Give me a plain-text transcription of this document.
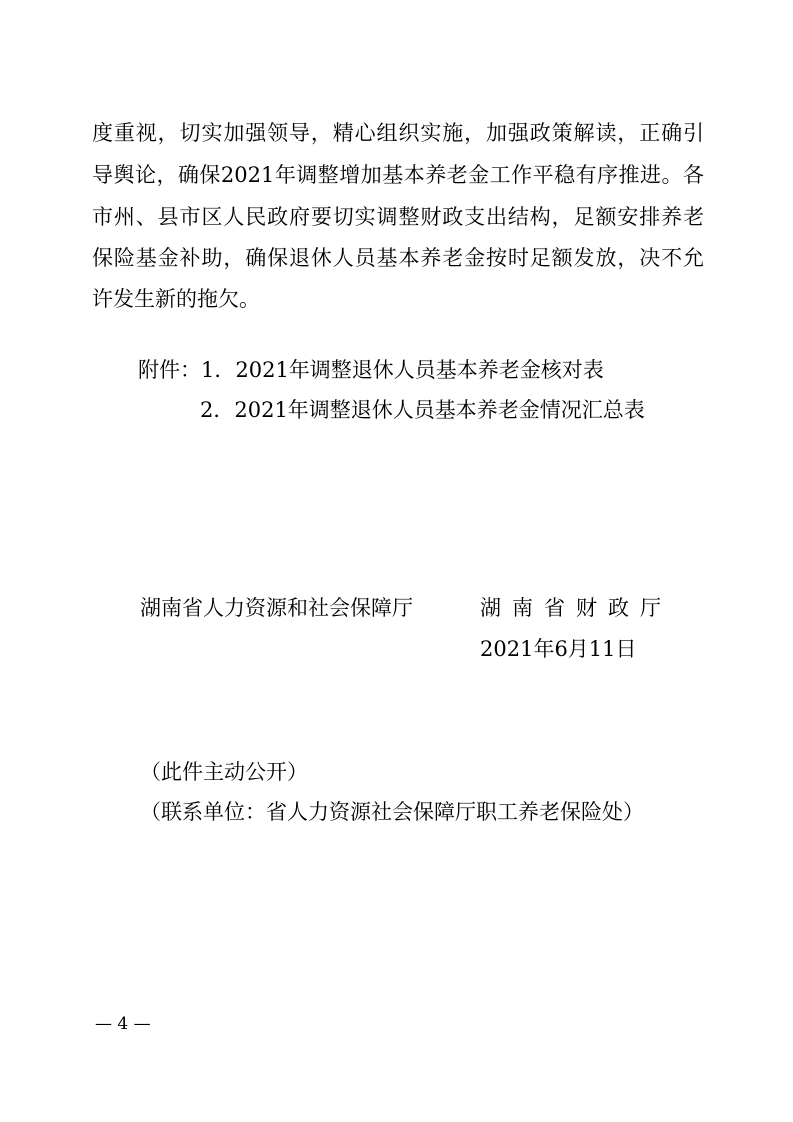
度重视，切实加强领导，精心组织实施，加强政策解读，正确引
导舆论，确保2021年调整增加基本养老金工作平稳有序推进。各
市州、县市区人民政府要切实调整财政支出结构，足额安排养老
保险基金补助，确保退休人员基本养老金按时足额发放，决不允
许发生新的拖欠。
附件：1．2021年调整退休人员基本养老金核对表
2．2021年调整退休人员基本养老金情况汇总表
湖南省人力资源和社会保障厅	湖南省财政厅
2021年6月11日
（此件主动公开）
（联系单位：省人力资源社会保障厅职工养老保险处）
— 4 —
